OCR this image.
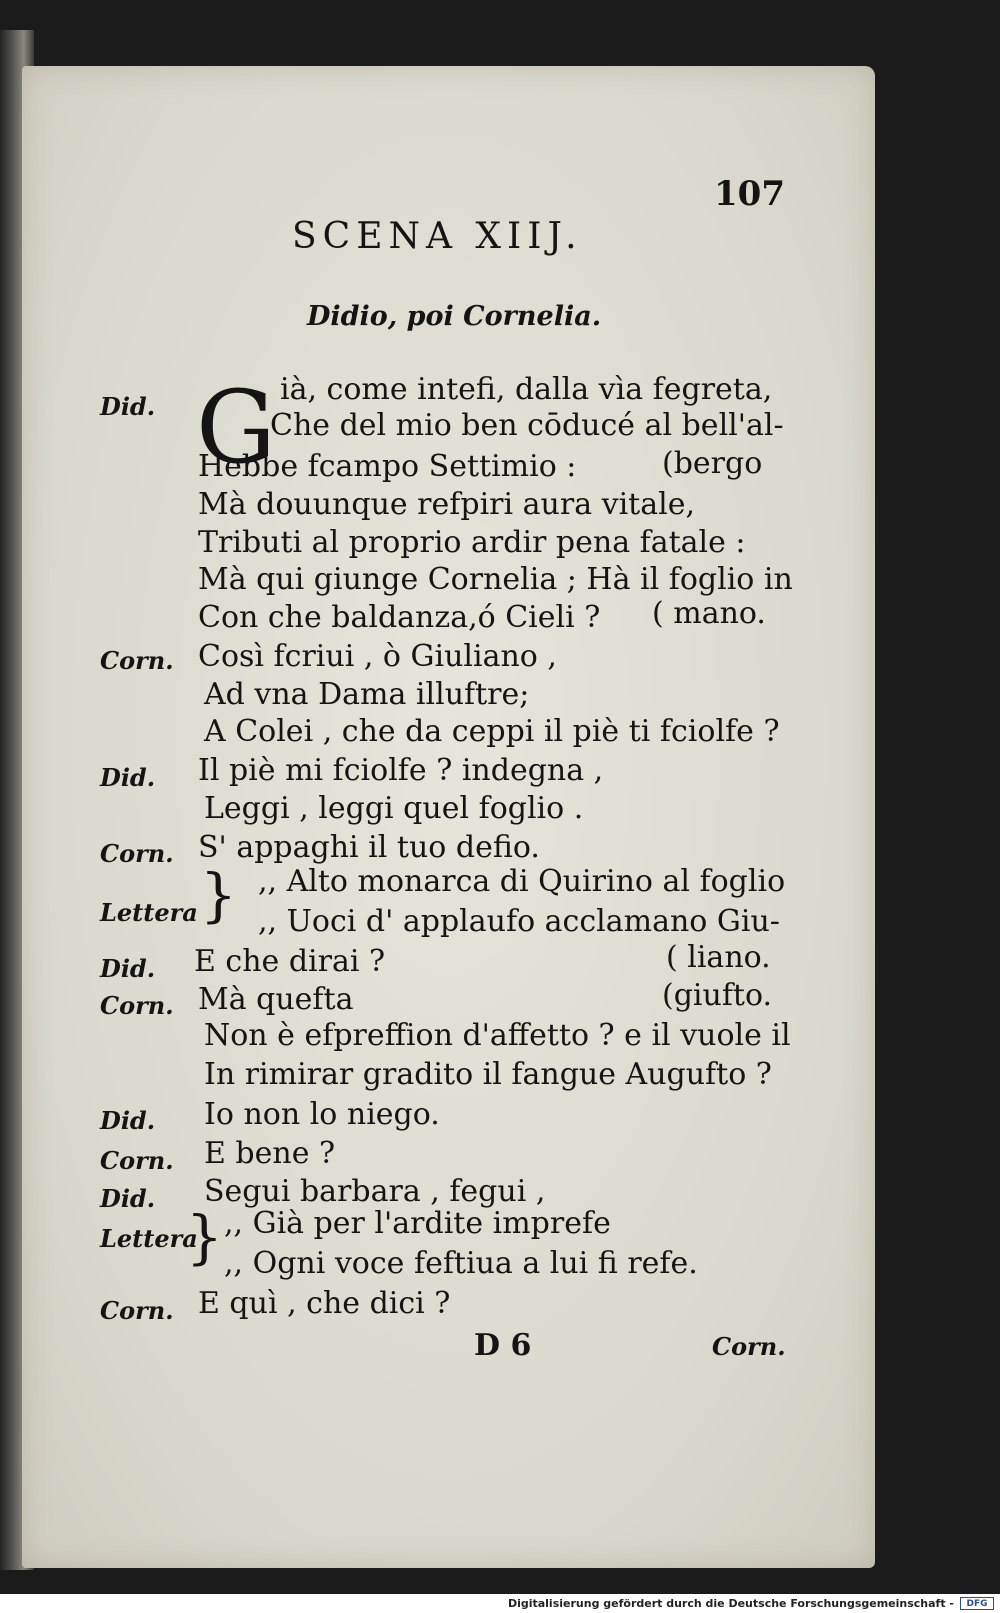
107
SCENA XIIJ.
Didio, poi Cornelia.
G
Did.	ià, come intefi, dalla vìa fegreta,
Che del mio ben cōducé al bell'al-
Hebbe fcampo Settimio :	(bergo
Mà douunque refpiri aura vitale,
Tributi al proprio ardir pena fatale :
Mà qui giunge Cornelia ; Hà il foglio in
Con che baldanza,ó Cieli ? ( mano.
Corn. Così fcriui , ò Giuliano ,
Ad vna Dama illuftre;
A Colei , che da ceppi il piè ti fciolfe ?
Did. Il piè mi fciolfe ? indegna ,
Leggi , leggi quel foglio .
Corn. S' appaghi il tuo defio.
Lettera } ,, Alto monarca di Quirino al foglio
,, Uoci d' applaufo acclamano Giu-
Did. E che dirai ?	( liano.
Corn. Mà quefta	(giufto.
Non è efpreffion d'affetto ? e il vuole il
In rimirar gradito il fangue Augufto ?
Did. Io non lo niego.
Corn. E bene ?
Did. Segui barbara , fegui ,
Lettera
} ,, Già per l'ardite imprefe
,, Ogni voce feftiua a lui fi refe.
Corn. E quì , che dici ?
D 6	Corn.
Digitalisierung gefördert durch die Deutsche Forschungsgemeinschaft -	DFG
